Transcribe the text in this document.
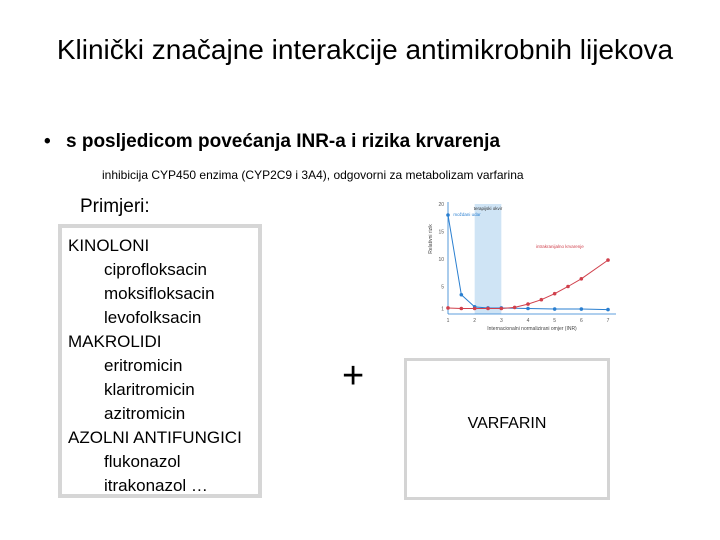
Klinički značajne interakcije antimikrobnih lijekova
• s posljedicom povećanja INR-a i rizika krvarenja
inhibicija CYP450 enzima (CYP2C9 i 3A4), odgovorni za metabolizam varfarina
Primjeri:
KINOLONI
ciprofloksacin
moksifloksacin
levofolksacin
MAKROLIDI
eritromicin
klaritromicin
azitromicin
AZOLNI ANTIFUNGICI
flukonazol
itrakonazol …
+
VARFARIN
terapijski okvir
1	2	3	4	5	6	7
1
5
10
15
20
Internacionalni normalizirani omjer (INR)
Relativni rizik
moždani udar
intrakranijalno krvarenje
